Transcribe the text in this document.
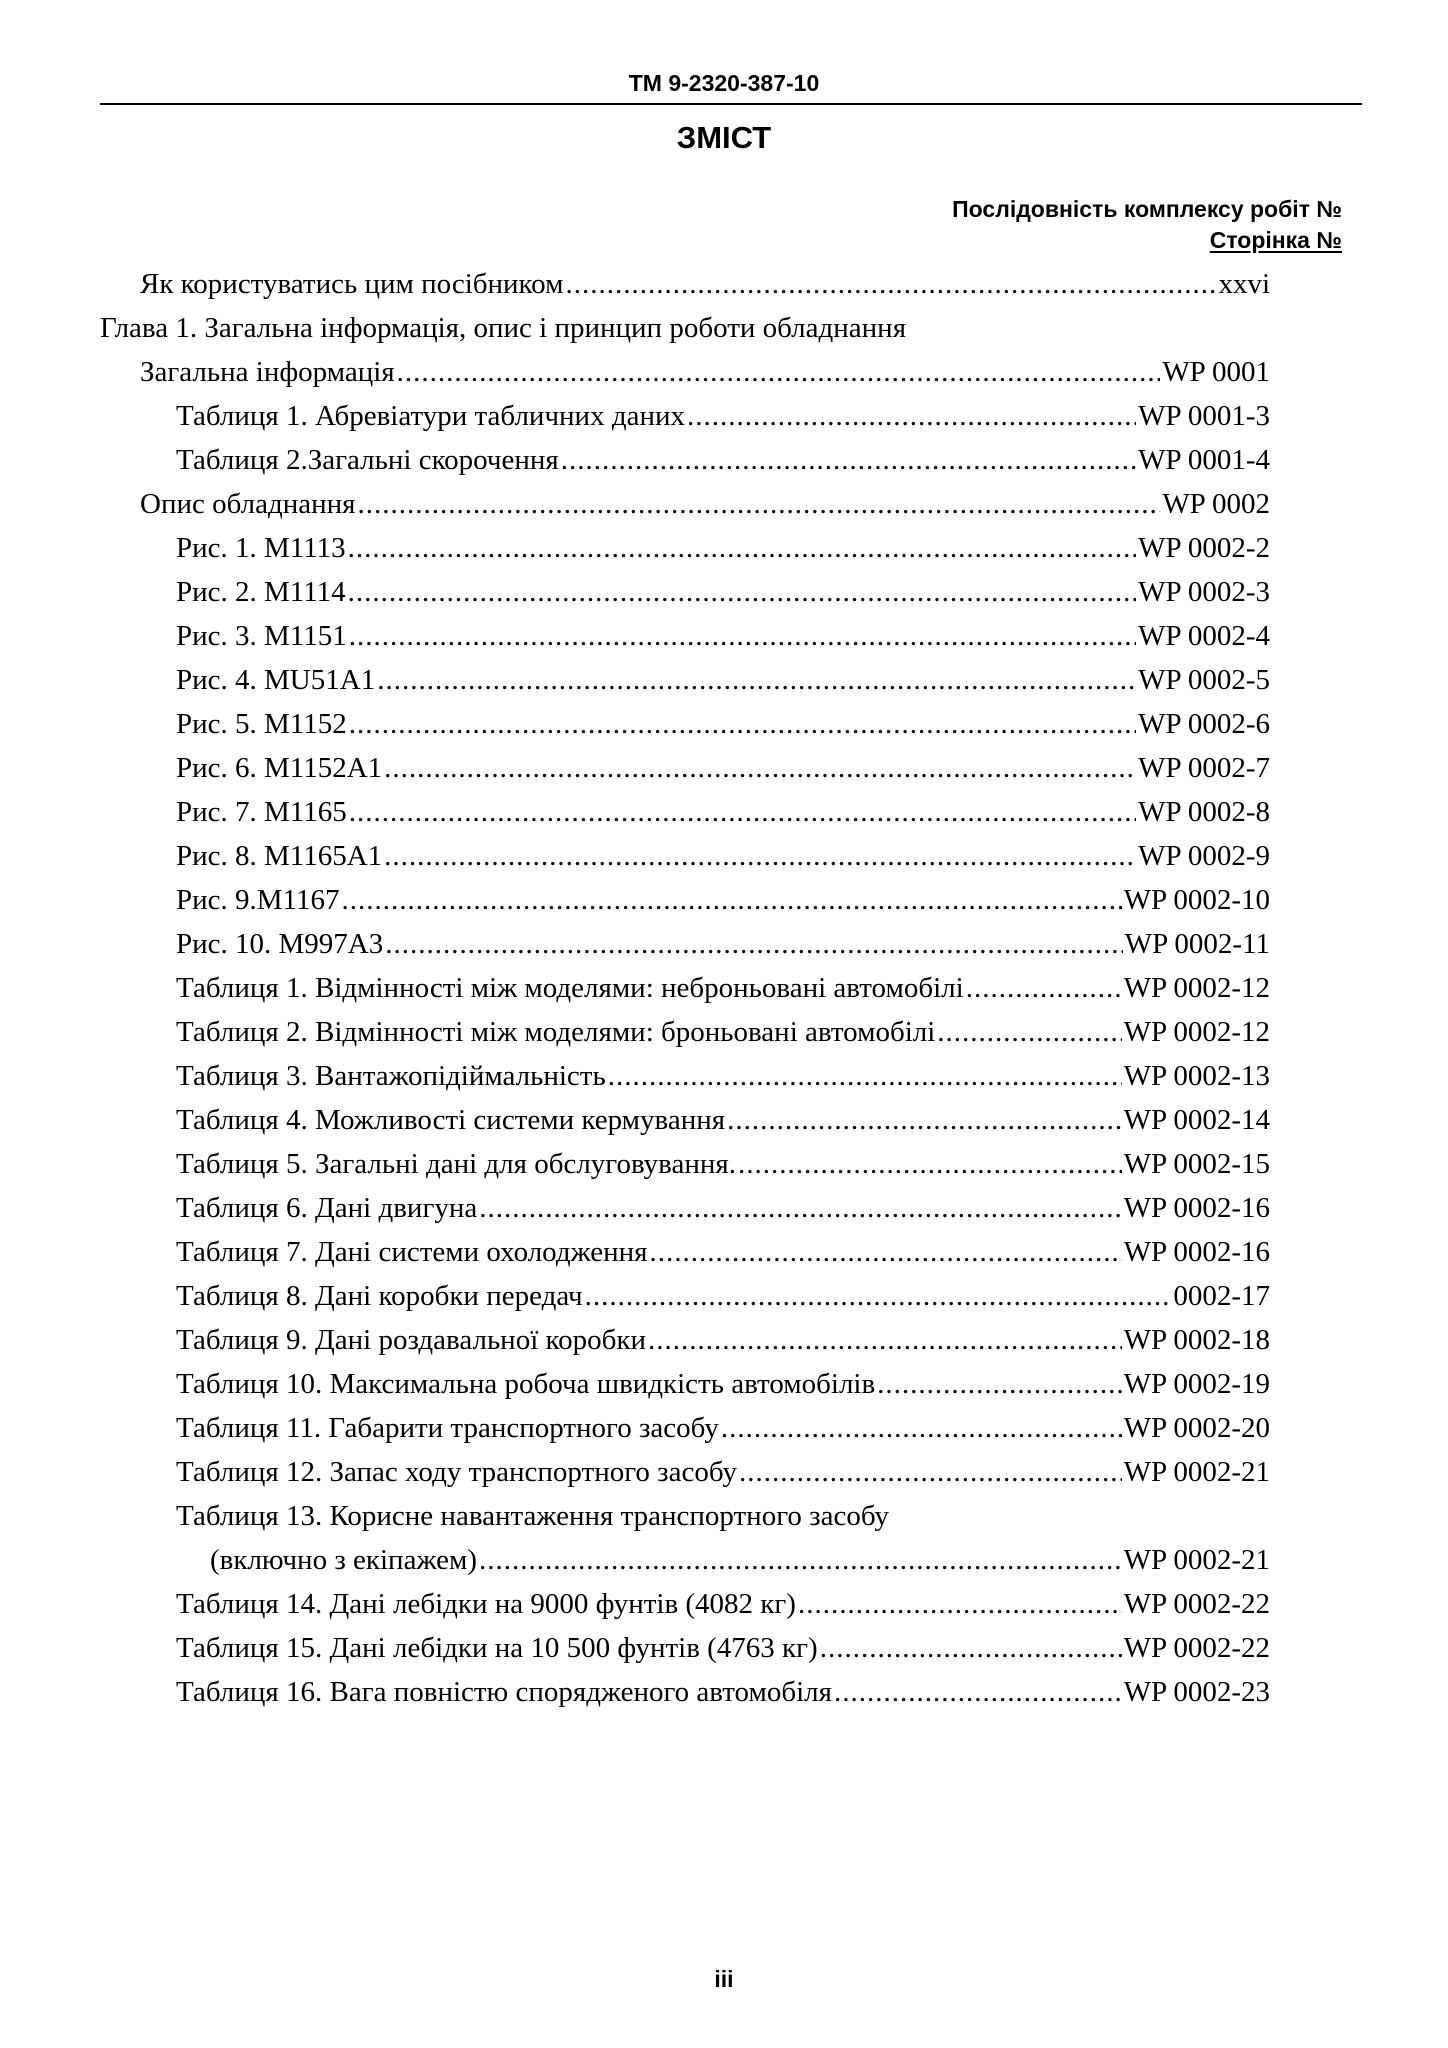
TM 9-2320-387-10
ЗМІСТ
Послідовність комплексу робіт №
Сторінка №
Як користуватись цим посібником .....	xxvi
Глава 1. Загальна інформація, опис і принцип роботи обладнання
Загальна інформація .....	WP 0001
Таблиця 1. Абревіатури табличних даних .....	WP 0001-3
Таблиця 2.Загальні скорочення .....	WP 0001-4
Опис обладнання .....	WP 0002
Рис. 1. M1113 .....	WP 0002-2
Рис. 2. M1114 .....	WP 0002-3
Рис. 3. M1151 .....	WP 0002-4
Рис. 4. MU51A1 .....	WP 0002-5
Рис. 5. M1152 .....	WP 0002-6
Рис. 6. M1152A1 .....	WP 0002-7
Рис. 7. M1165 .....	WP 0002-8
Рис. 8. M1165A1 .....	WP 0002-9
Рис. 9.M1167 .....	WP 0002-10
Рис. 10. M997A3 .....	WP 0002-11
Таблиця 1. Відмінності між моделями: неброньовані автомобілі .....	WP 0002-12
Таблиця 2. Відмінності між моделями: броньовані автомобілі .....	WP 0002-12
Таблиця 3. Вантажопідіймальність .....	WP 0002-13
Таблиця 4. Можливості системи кермування .....	WP 0002-14
Таблиця 5. Загальні дані для обслуговування. .....	WP 0002-15
Таблиця 6. Дані двигуна .....	WP 0002-16
Таблиця 7. Дані системи охолодження .....	WP 0002-16
Таблиця 8. Дані коробки передач .....	0002-17
Таблиця 9. Дані роздавальної коробки .....	WP 0002-18
Таблиця 10. Максимальна робоча швидкість автомобілів .....	WP 0002-19
Таблиця 11. Габарити транспортного засобу .....	WP 0002-20
Таблиця 12. Запас ходу транспортного засобу .....	WP 0002-21
Таблиця 13. Корисне навантаження транспортного засобу
(включно з екіпажем) .....	WP 0002-21
Таблиця 14. Дані лебідки на 9000 фунтів (4082 кг) .....	WP 0002-22
Таблиця 15. Дані лебідки на 10 500 фунтів (4763 кг) .....	WP 0002-22
Таблиця 16. Вага повністю спорядженого автомобіля .....	WP 0002-23
iii
